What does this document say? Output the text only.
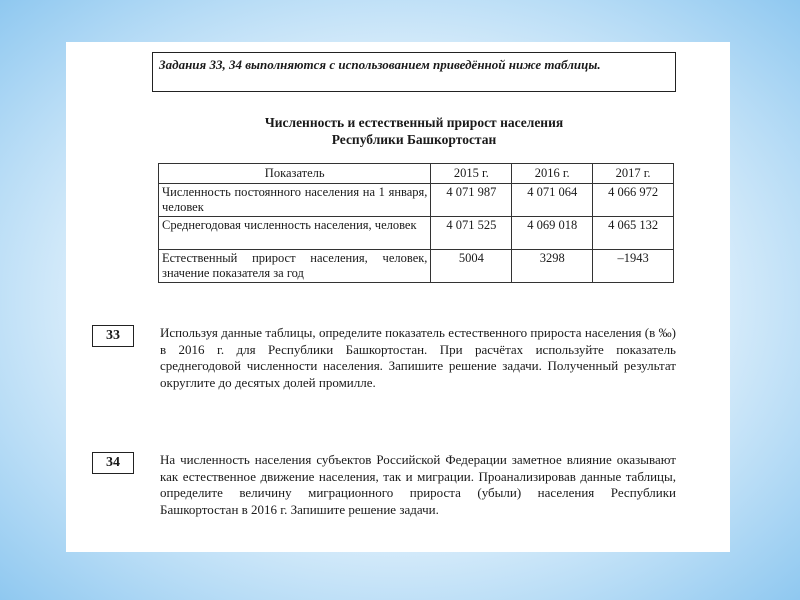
Задания 33, 34 выполняются с использованием приведённой ниже таблицы.
Численность и естественный прирост населения
Республики Башкортостан
Показатель	2015 г.	2016 г.	2017 г.
Численность постоянного населения на 1 января, человек	4 071 987	4 071 064	4 066 972
Среднегодовая численность населения, человек	4 071 525	4 069 018	4 065 132
Естественный прирост населения, человек, значение показателя за год	5004	3298	–1943
33	Используя данные таблицы, определите показатель естественного прироста населения (в ‰) в 2016 г. для Республики Башкортостан. При расчётах используйте показатель среднегодовой численности населения. Запишите решение задачи. Полученный результат округлите до десятых долей промилле.
34	На численность населения субъектов Российской Федерации заметное влияние оказывают как естественное движение населения, так и миграции. Проанализировав данные таблицы, определите величину миграционного прироста (убыли) населения Республики Башкортостан в 2016 г. Запишите решение задачи.
